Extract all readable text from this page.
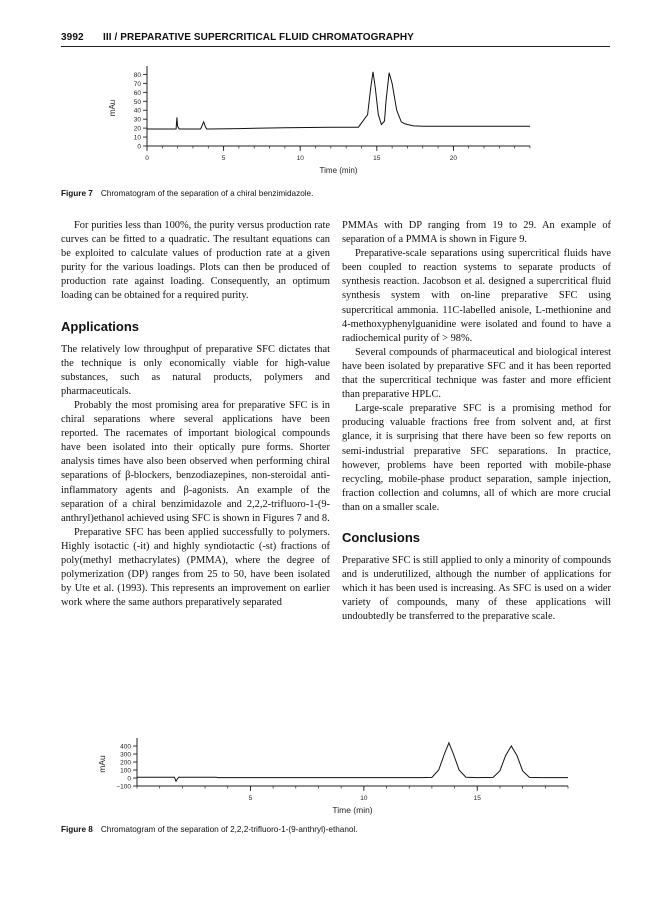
3992 III / PREPARATIVE SUPERCRITICAL FLUID CHROMATOGRAPHY
0	5	10	15	20
0
10
20
30
40
50
60
70
80
Time (min)
mAu
5	10	15
−100
0
100
200
300
400
Time (min)
mAu
Figure 7 Chromatogram of the separation of a chiral benzimidazole.

For purities less than 100%, the purity versus production rate curves can be fitted to a quadratic. The resultant equations can be exploited to calculate values of production rate at a given purity for the various loadings. Plots can then be produced of production rate against loading. Consequently, an optimum loading can be obtained for a required purity.

Applications

The relatively low throughput of preparative SFC dictates that the technique is only economically viable for high-value substances, such as natural products, polymers and pharmaceuticals.

Probably the most promising area for preparative SFC is in chiral separations where several applications have been reported. The racemates of important biological compounds have been isolated into their optically pure forms. Shorter analysis times have also been observed when performing chiral separations of β-blockers, benzodiazepines, non-steroidal anti-inflammatory agents and β-agonists. An example of the separation of a chiral benzimidazole and 2,2,2-trifluoro-1-(9-anthryl)ethanol achieved using SFC is shown in Figures 7 and 8.

Preparative SFC has been applied successfully to polymers. Highly isotactic (-it) and highly syndiotactic (-st) fractions of poly(methyl methacrylates) (PMMA), where the degree of polymerization (DP) ranges from 25 to 50, have been isolated by Ute et al. (1993). This represents an improvement on earlier work where the same authors preparatively separated

PMMAs with DP ranging from 19 to 29. An example of separation of a PMMA is shown in Figure 9.

Preparative-scale separations using supercritical fluids have been coupled to reaction systems to separate products of synthesis reaction. Jacobson et al. designed a supercritical fluid synthesis system with on-line preparative SFC using supercritical ammonia. 11C-labelled anisole, L-methionine and 4-methoxyphenylguanidine were isolated and found to have a radiochemical purity of > 98%.

Several compounds of pharmaceutical and biological interest have been isolated by preparative SFC and it has been reported that the supercritical technique was faster and more efficient than preparative HPLC.

Large-scale preparative SFC is a promising method for producing valuable fractions free from solvent and, at first glance, it is surprising that there have been so few reports on semi-industrial preparative SFC separations. In practice, however, problems have been reported with mobile-phase recycling, mobile-phase product separation, sample injection, fraction collection and columns, all of which are more crucial than on a smaller scale.

Conclusions

Preparative SFC is still applied to only a minority of compounds and is underutilized, although the number of applications for which it has been used is increasing. As SFC is used on a wider variety of compounds, many of these applications will undoubtedly be transferred to the preparative scale.

Figure 8 Chromatogram of the separation of 2,2,2-trifluoro-1-(9-anthryl)-ethanol.
